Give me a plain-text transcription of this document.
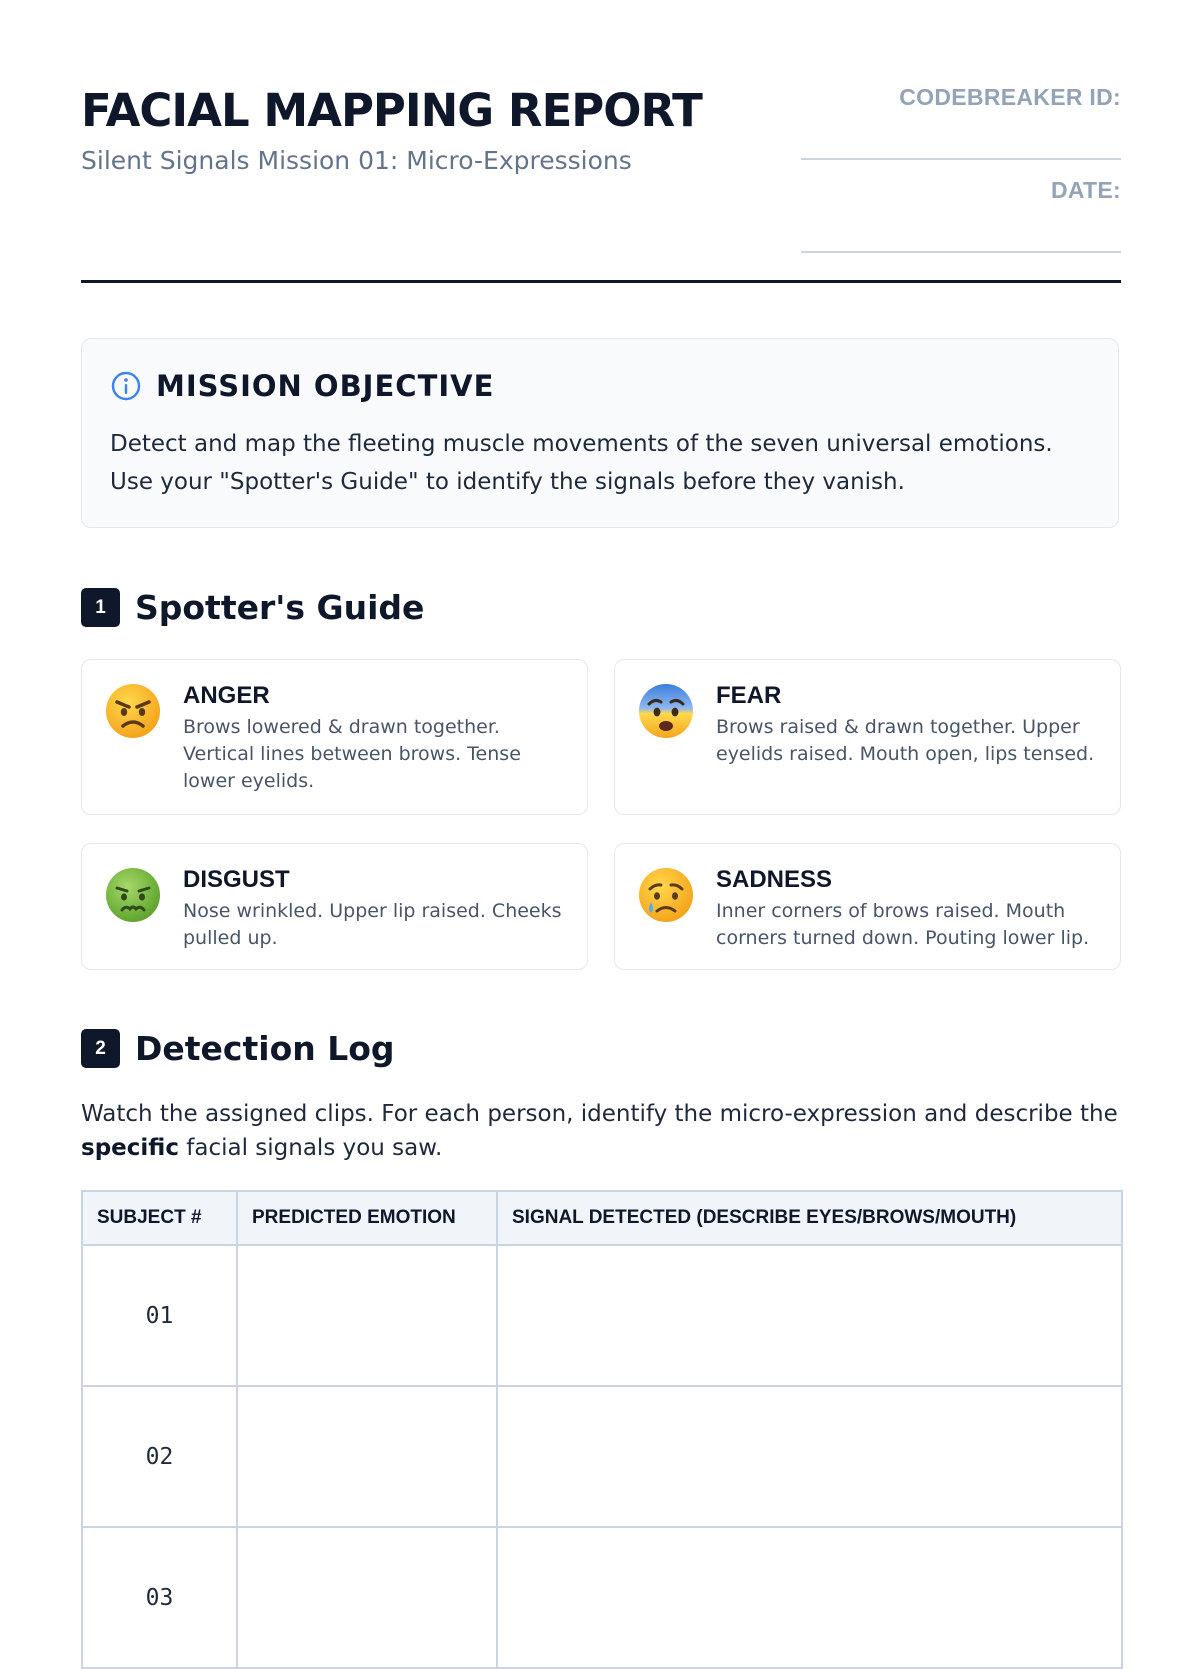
FACIAL MAPPING REPORT
Silent Signals Mission 01: Micro-Expressions
CODEBREAKER ID:
DATE:
MISSION OBJECTIVE
Detect and map the fleeting muscle movements of the seven universal emotions. Use your "Spotter's Guide" to identify the signals before they vanish.
1 Spotter's Guide
ANGER
Brows lowered & drawn together. Vertical lines between brows. Tense lower eyelids.
FEAR
Brows raised & drawn together. Upper eyelids raised. Mouth open, lips tensed.
DISGUST
Nose wrinkled. Upper lip raised. Cheeks pulled up.
SADNESS
Inner corners of brows raised. Mouth corners turned down. Pouting lower lip.
2 Detection Log
Watch the assigned clips. For each person, identify the micro-expression and describe the specific facial signals you saw.
SUBJECT #	PREDICTED EMOTION	SIGNAL DETECTED (DESCRIBE EYES/BROWS/MOUTH)
01		
02		
03		
